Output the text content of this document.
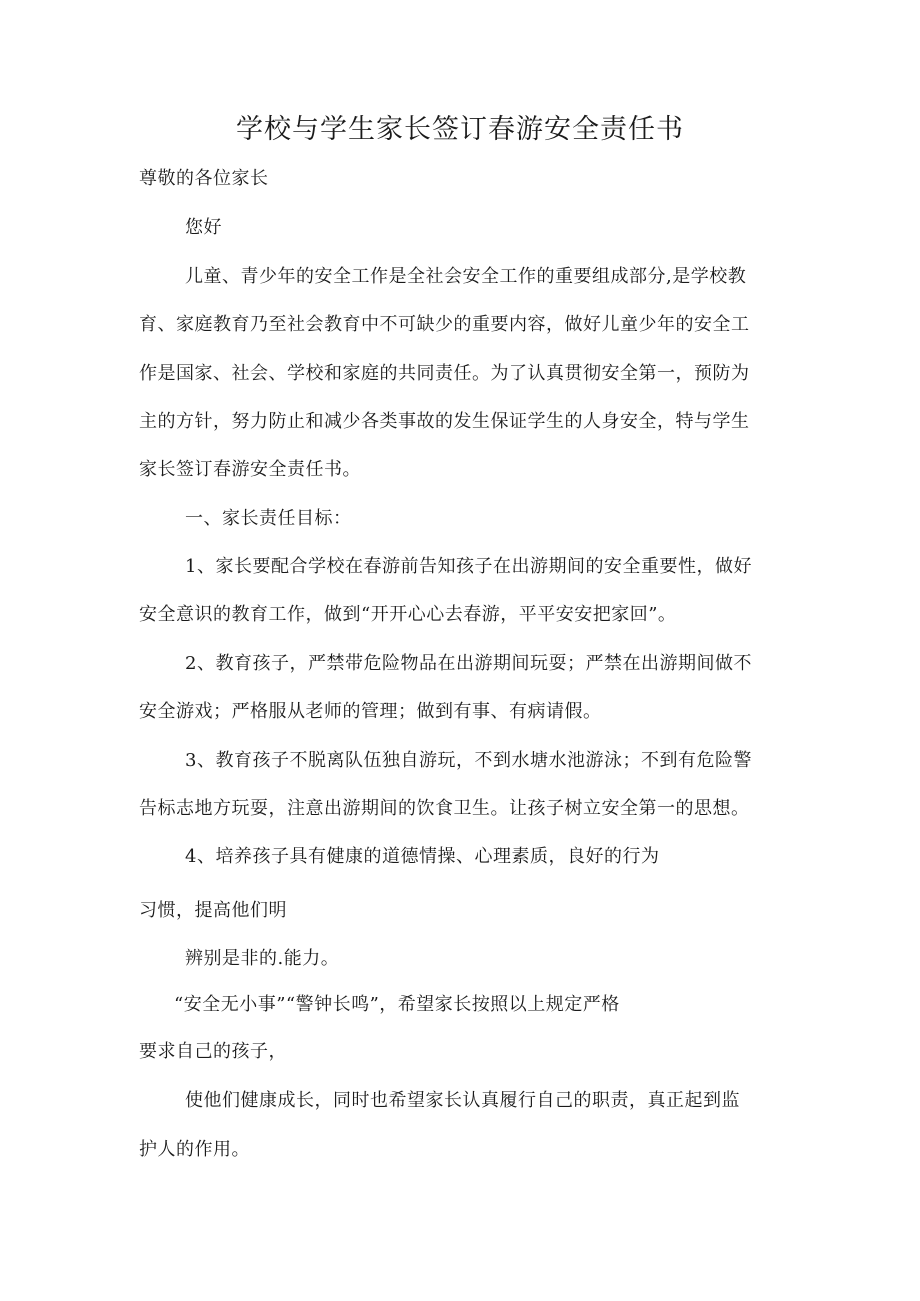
学校与学生家长签订春游安全责任书
尊敬的各位家长
您好
儿童、青少年的安全工作是全社会安全工作的重要组成部分,是学校教
育、家庭教育乃至社会教育中不可缺少的重要内容，做好儿童少年的安全工
作是国家、社会、学校和家庭的共同责任。为了认真贯彻安全第一，预防为
主的方针，努力防止和减少各类事故的发生保证学生的人身安全，特与学生
家长签订春游安全责任书。
一、家长责任目标：
1、家长要配合学校在春游前告知孩子在出游期间的安全重要性，做好
安全意识的教育工作，做到“开开心心去春游，平平安安把家回”。
2、教育孩子，严禁带危险物品在出游期间玩耍；严禁在出游期间做不
安全游戏；严格服从老师的管理；做到有事、有病请假。
3、教育孩子不脱离队伍独自游玩，不到水塘水池游泳；不到有危险警
告标志地方玩耍，注意出游期间的饮食卫生。让孩子树立安全第一的思想。
4、培养孩子具有健康的道德情操、心理素质，良好的行为
习惯，提高他们明
辨别是非的.能力。
“安全无小事”“警钟长鸣”，希望家长按照以上规定严格
要求自己的孩子，
使他们健康成长，同时也希望家长认真履行自己的职责，真正起到监
护人的作用。
